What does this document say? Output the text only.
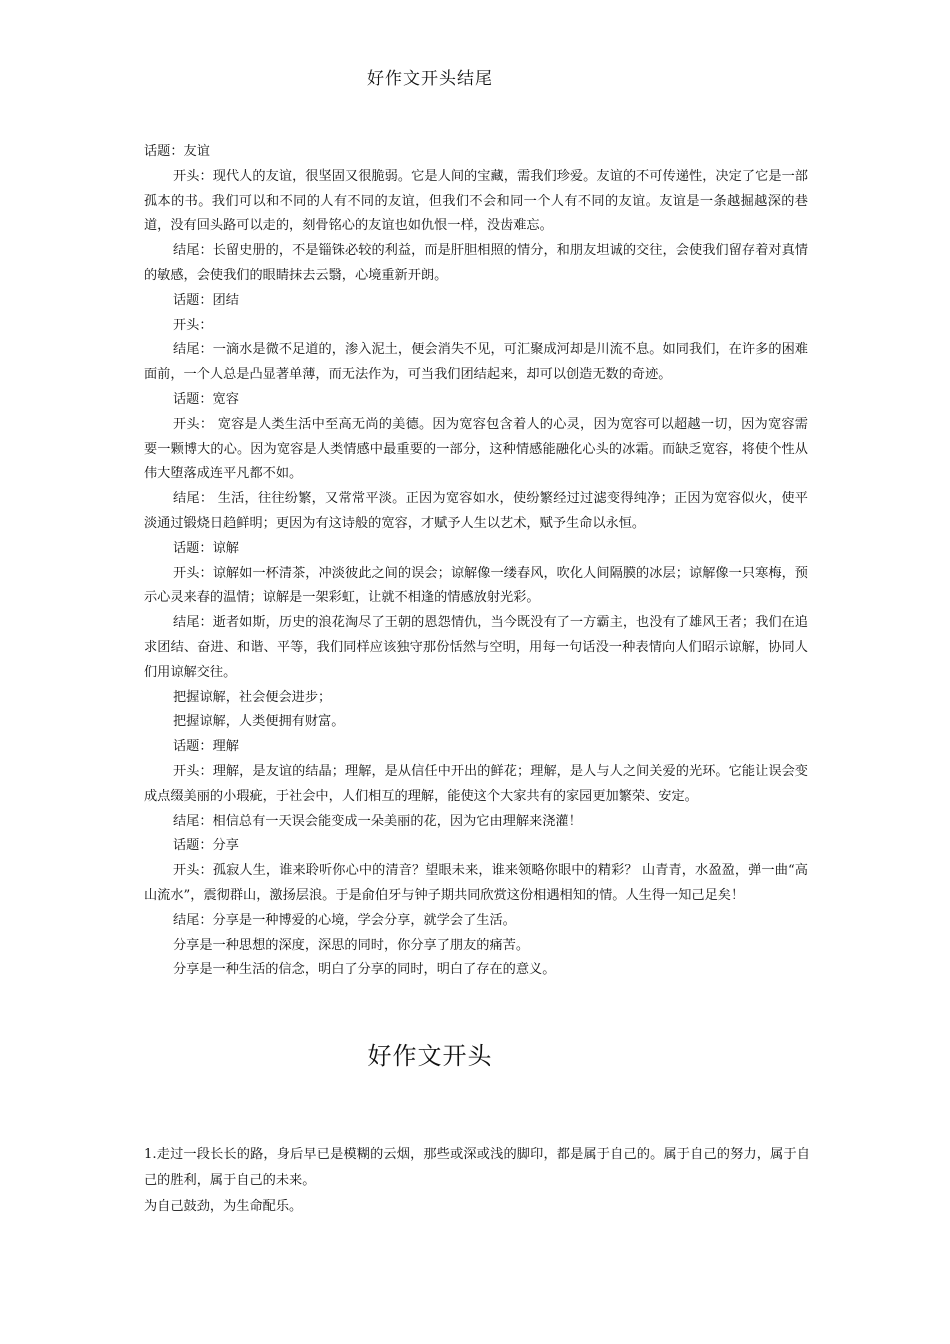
好作文开头结尾

话题：友谊

开头：现代人的友谊，很坚固又很脆弱。它是人间的宝藏，需我们珍爱。友谊的不可传递性，决定了它是一部孤本的书。我们可以和不同的人有不同的友谊，但我们不会和同一个人有不同的友谊。友谊是一条越掘越深的巷道，没有回头路可以走的，刻骨铭心的友谊也如仇恨一样，没齿难忘。

结尾：长留史册的，不是锱铢必较的利益，而是肝胆相照的情分，和朋友坦诚的交往，会使我们留存着对真情的敏感，会使我们的眼睛抹去云翳，心境重新开朗。

话题：团结

开头：

结尾：一滴水是微不足道的，渗入泥土，便会消失不见，可汇聚成河却是川流不息。如同我们，在许多的困难面前，一个人总是凸显著单薄，而无法作为，可当我们团结起来，却可以创造无数的奇迹。

话题：宽容

开头： 宽容是人类生活中至高无尚的美德。因为宽容包含着人的心灵，因为宽容可以超越一切，因为宽容需要一颗博大的心。因为宽容是人类情感中最重要的一部分，这种情感能融化心头的冰霜。而缺乏宽容，将使个性从伟大堕落成连平凡都不如。

结尾： 生活，往往纷繁，又常常平淡。正因为宽容如水，使纷繁经过过滤变得纯净；正因为宽容似火，使平淡通过锻烧日趋鲜明；更因为有这诗般的宽容，才赋予人生以艺术，赋予生命以永恒。

话题：谅解

开头：谅解如一杯清茶，冲淡彼此之间的误会；谅解像一缕春风，吹化人间隔膜的冰层；谅解像一只寒梅，预示心灵来春的温情；谅解是一架彩虹，让就不相逢的情感放射光彩。

结尾：逝者如斯，历史的浪花淘尽了王朝的恩怨情仇，当今既没有了一方霸主，也没有了雄风王者；我们在追求团结、奋进、和谐、平等，我们同样应该独守那份恬然与空明，用每一句话没一种表情向人们昭示谅解，协同人们用谅解交往。

把握谅解，社会便会进步；

把握谅解，人类便拥有财富。

话题：理解

开头：理解，是友谊的结晶；理解，是从信任中开出的鲜花；理解，是人与人之间关爱的光环。它能让误会变成点缀美丽的小瑕疵，于社会中，人们相互的理解，能使这个大家共有的家园更加繁荣、安定。

结尾：相信总有一天误会能变成一朵美丽的花，因为它由理解来浇灌！

话题：分享

开头：孤寂人生，谁来聆听你心中的清音？望眼未来，谁来领略你眼中的精彩？ 山青青，水盈盈，弹一曲“高山流水”，震彻群山，激扬层浪。于是俞伯牙与钟子期共同欣赏这份相遇相知的情。人生得一知己足矣！

结尾：分享是一种博爱的心境，学会分享，就学会了生活。

分享是一种思想的深度，深思的同时，你分享了朋友的痛苦。

分享是一种生活的信念，明白了分享的同时，明白了存在的意义。

好作文开头

1.走过一段长长的路，身后早已是模糊的云烟，那些或深或浅的脚印，都是属于自己的。属于自己的努力，属于自己的胜利，属于自己的未来。

为自己鼓劲，为生命配乐。
